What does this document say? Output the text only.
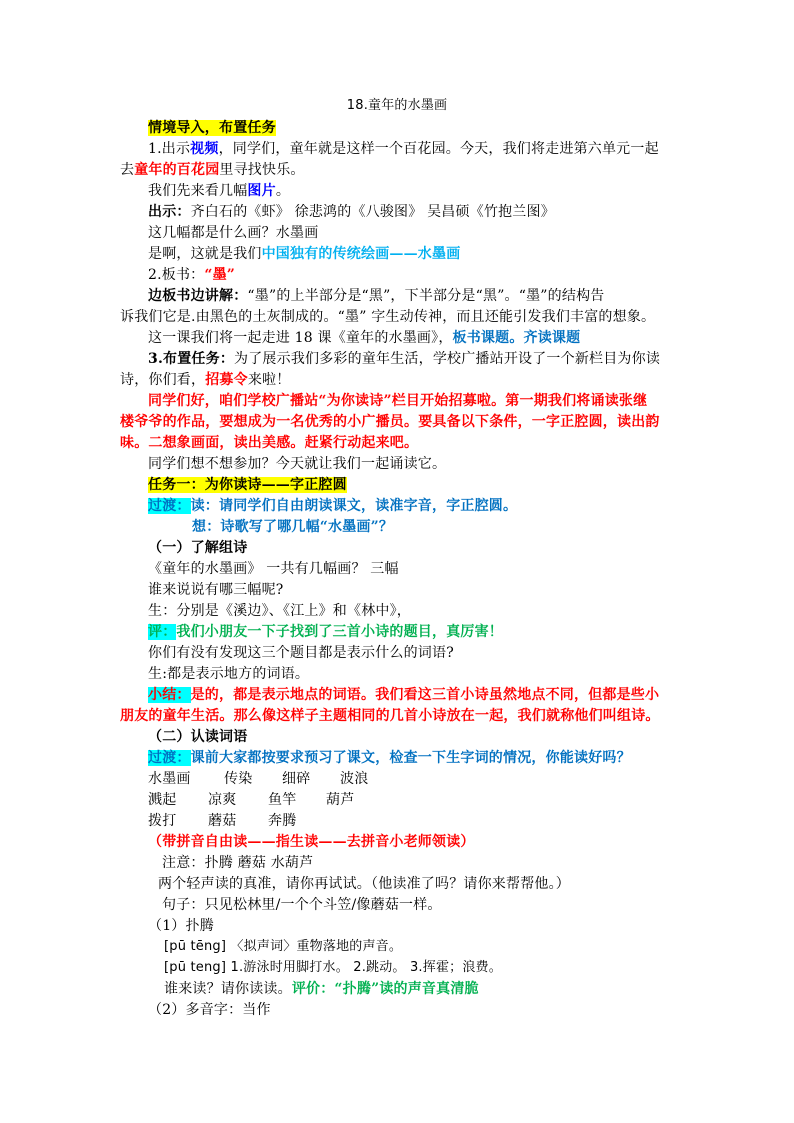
18.童年的水墨画
情境导入，布置任务
1.出示视频，同学们，童年就是这样一个百花园。今天，我们将走进第六单元一起
去童年的百花园里寻找快乐。
我们先来看几幅图片。
出示：齐白石的《虾》 徐悲鸿的《八骏图》 吴昌硕《竹抱兰图》
这几幅都是什么画？水墨画
是啊，这就是我们中国独有的传统绘画——水墨画
2.板书：“墨”
边板书边讲解：“墨”的上半部分是“黑”，下半部分是“黑”。“墨”的结构告
诉我们它是.由黑色的土灰制成的。“墨” 字生动传神，而且还能引发我们丰富的想象。
这一课我们将一起走进 18 课《童年的水墨画》，板书课题。齐读课题
3.布置任务：为了展示我们多彩的童年生活，学校广播站开设了一个新栏目为你读
诗，你们看，招募令来啦！
同学们好，咱们学校广播站“为你读诗”栏目开始招募啦。第一期我们将诵读张继
楼爷爷的作品，要想成为一名优秀的小广播员。要具备以下条件，一字正腔圆，读出韵
味。二想象画面，读出美感。赶紧行动起来吧。
同学们想不想参加？今天就让我们一起诵读它。
任务一：为你读诗——字正腔圆
过渡：读：请同学们自由朗读课文，读准字音，字正腔圆。
想：诗歌写了哪几幅“水墨画”？
（一）了解组诗
《童年的水墨画》 一共有几幅画？ 三幅
谁来说说有哪三幅呢?
生：分别是《溪边》、《江上》和《林中》，
评：我们小朋友一下子找到了三首小诗的题目，真厉害！
你们有没有发现这三个题目都是表示什么的词语?
生:都是表示地方的词语。
小结：是的，都是表示地点的词语。我们看这三首小诗虽然地点不同，但都是些小
朋友的童年生活。那么像这样子主题相同的几首小诗放在一起，我们就称他们叫组诗。
（二）认读词语
过渡：课前大家都按要求预习了课文，检查一下生字词的情况，你能读好吗？
水墨画 传染 细碎 波浪
溅起 凉爽 鱼竿 葫芦
拨打 蘑菇 奔腾
（带拼音自由读——指生读——去拼音小老师领读）
注意：扑腾 蘑菇 水葫芦
两个轻声读的真准，请你再试试。（他读准了吗？请你来帮帮他。）
句子：只见松林里/一个个斗笠/像蘑菇一样。
（1）扑腾
[pū tēng] 〈拟声词〉重物落地的声音。
[pū teng] 1.游泳时用脚打水。 2.跳动。 3.挥霍；浪费。
谁来读？请你读读。评价：“扑腾”读的声音真清脆
（2）多音字：当作
